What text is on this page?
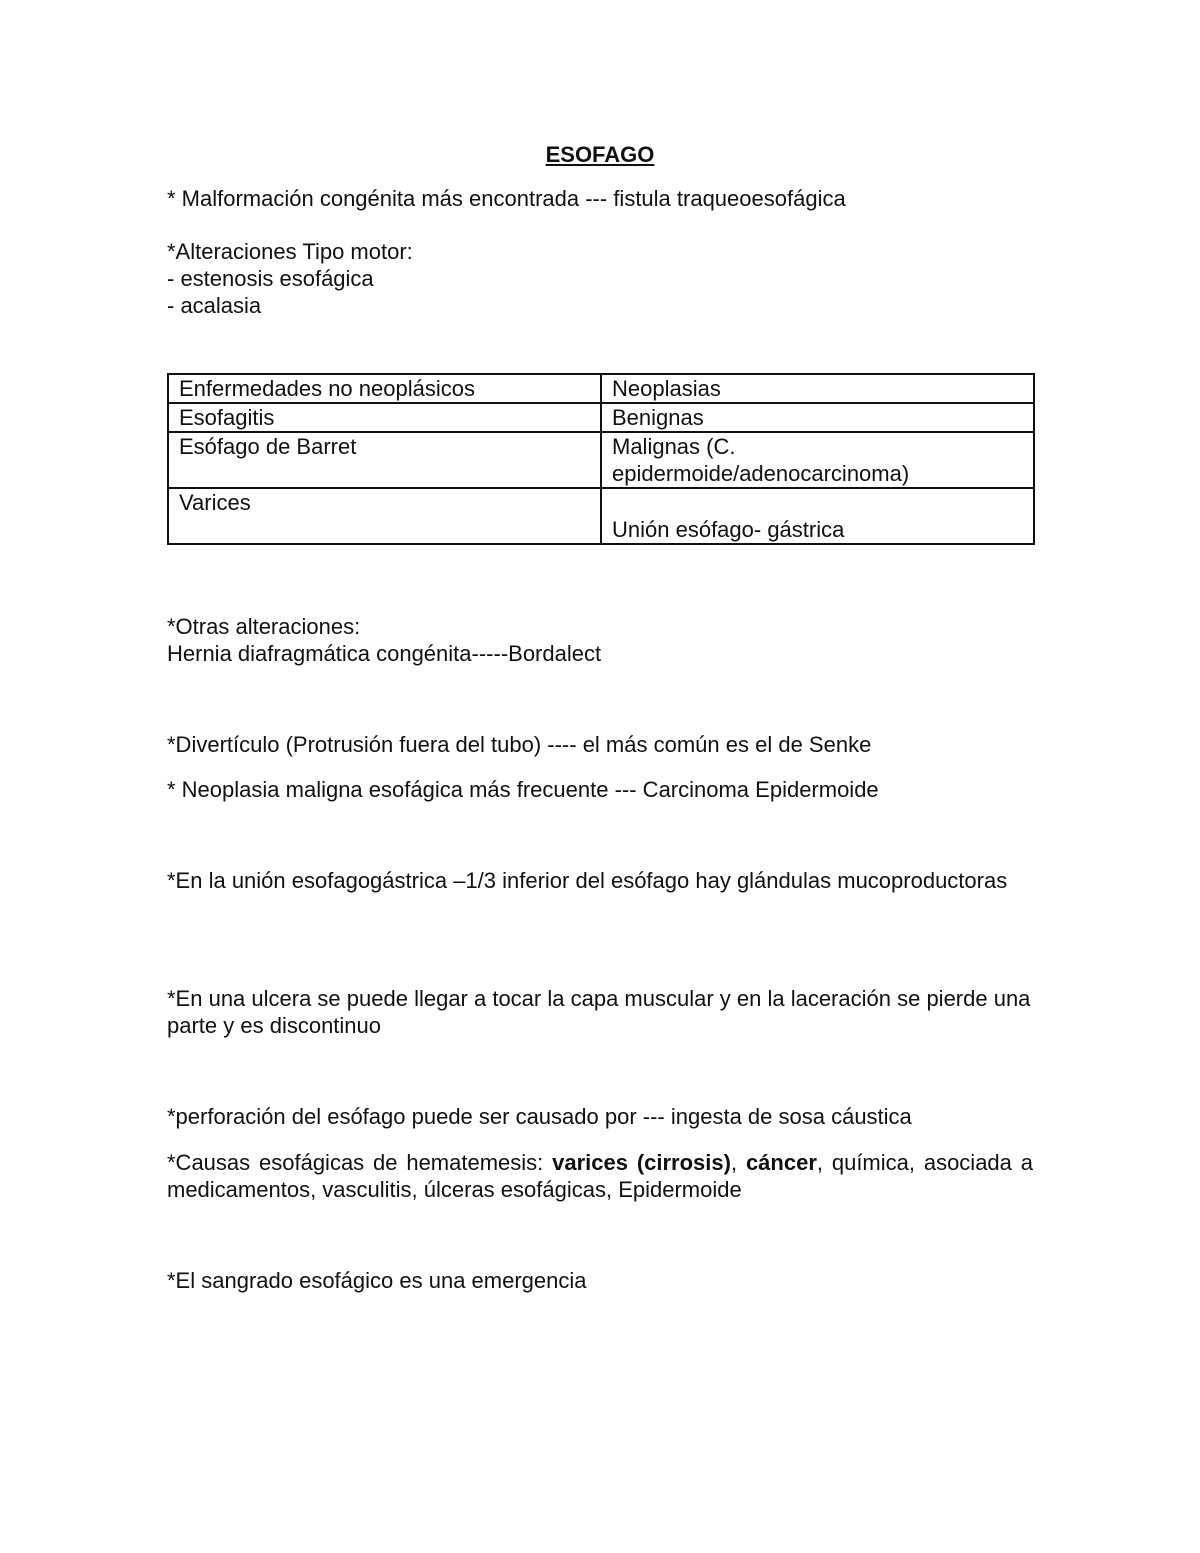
ESOFAGO

* Malformación congénita más encontrada --- fistula traqueoesofágica

*Alteraciones Tipo motor:
- estenosis esofágica
- acalasia
Enfermedades no neoplásicos	Neoplasias
Esofagitis	Benignas
Esófago de Barret	Malignas (C. epidermoide/adenocarcinoma)
Varices	Unión esófago- gástrica
*Otras alteraciones:
Hernia diafragmática congénita-----Bordalect

*Divertículo (Protrusión fuera del tubo) ---- el más común es el de Senke

* Neoplasia maligna esofágica más frecuente --- Carcinoma Epidermoide

*En la unión esofagogástrica –1/3 inferior del esófago hay glándulas mucoproductoras

*En una ulcera se puede llegar a tocar la capa muscular y en la laceración se pierde una parte y es discontinuo

*perforación del esófago puede ser causado por --- ingesta de sosa cáustica

*Causas esofágicas de hematemesis: varices (cirrosis), cáncer, química, asociada a medicamentos, vasculitis, úlceras esofágicas, Epidermoide

*El sangrado esofágico es una emergencia
